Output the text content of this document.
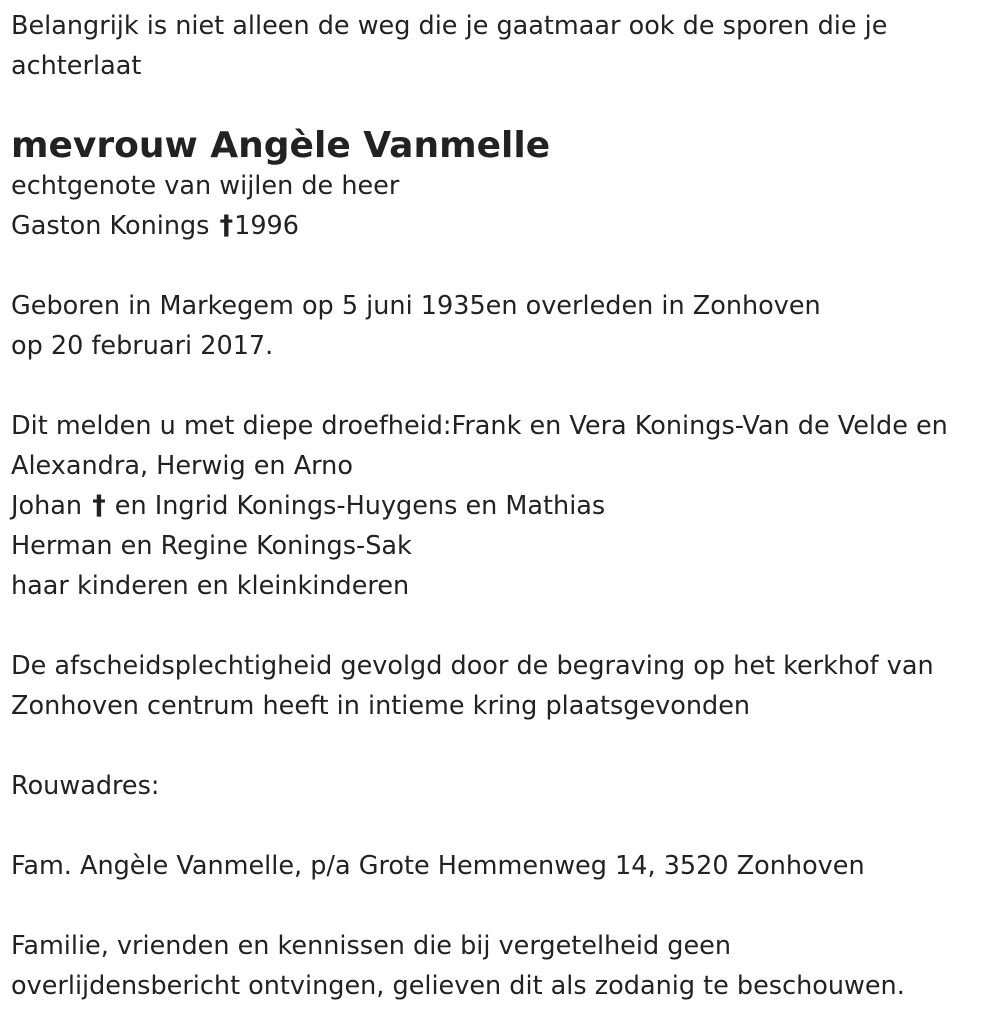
Belangrijk is niet alleen de weg die je gaatmaar ook de sporen die je
achterlaat
mevrouw Angèle Vanmelle
echtgenote van wijlen de heer
Gaston Konings †1996
Geboren in Markegem op 5 juni 1935en overleden in Zonhoven
op 20 februari 2017.
Dit melden u met diepe droefheid:Frank en Vera Konings-Van de Velde en
Alexandra, Herwig en Arno
Johan † en Ingrid Konings-Huygens en Mathias
Herman en Regine Konings-Sak
haar kinderen en kleinkinderen
De afscheidsplechtigheid gevolgd door de begraving op het kerkhof van
Zonhoven centrum heeft in intieme kring plaatsgevonden
Rouwadres:
Fam. Angèle Vanmelle, p/a Grote Hemmenweg 14, 3520 Zonhoven
Familie, vrienden en kennissen die bij vergetelheid geen
overlijdensbericht ontvingen, gelieven dit als zodanig te beschouwen.
